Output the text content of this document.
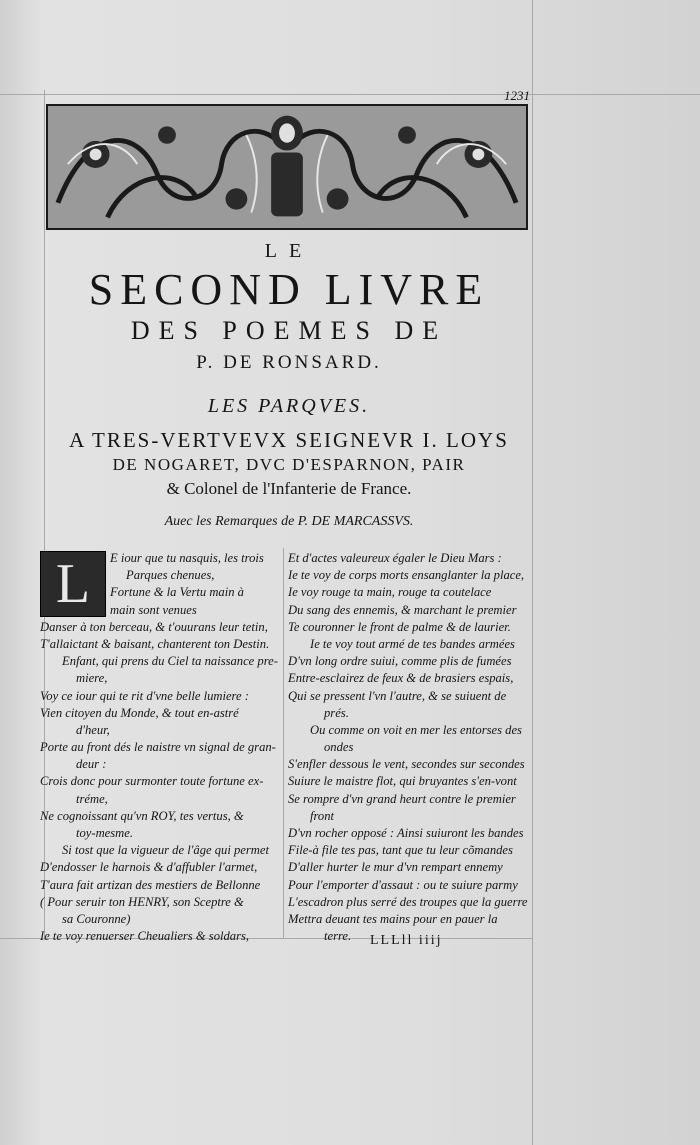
1231
LE
SECOND LIVRE
DES POEMES DE
P. DE RONSARD.
LES PARQVES.
A TRES-VERTVEVX SEIGNEVR I. LOYS
DE NOGARET, DVC D'ESPARNON, PAIR
& Colonel de l'Infanterie de France.
Auec les Remarques de P. DE MARCASSVS.
L	E iour que tu nasquis, les trois
Parques chenues,
Fortune & la Vertu main à
main sont venues
Danser à ton berceau, & t'ouurans leur tetin,
T'allaictant & baisant, chanterent ton Destin.
Enfant, qui prens du Ciel ta naissance pre-
miere,
Voy ce iour qui te rit d'vne belle lumiere :
Vien citoyen du Monde, & tout en-astré
d'heur,
Porte au front dés le naistre vn signal de gran-
deur :
Crois donc pour surmonter toute fortune ex-
tréme,
Ne cognoissant qu'vn ROY, tes vertus, &
toy-mesme.
Si tost que la vigueur de l'âge qui permet
D'endosser le harnois & d'affubler l'armet,
T'aura fait artizan des mestiers de Bellonne
( Pour seruir ton HENRY, son Sceptre &
sa Couronne)
Ie te voy renuerser Cheualiers & soldars,
Et d'actes valeureux égaler le Dieu Mars :
Ie te voy de corps morts ensanglanter la place,
Ie voy rouge ta main, rouge ta coutelace
Du sang des ennemis, & marchant le premier
Te couronner le front de palme & de laurier.
Ie te voy tout armé de tes bandes armées
D'vn long ordre suiui, comme plis de fumées
Entre-esclairez de feux & de brasiers espais,
Qui se pressent l'vn l'autre, & se suiuent de
prés.
Ou comme on voit en mer les entorses des
ondes
S'enfler dessous le vent, secondes sur secondes
Suiure le maistre flot, qui bruyantes s'en-vont
Se rompre d'vn grand heurt contre le premier
front
D'vn rocher opposé : Ainsi suiuront les bandes
File-à file tes pas, tant que tu leur cõmandes
D'aller hurter le mur d'vn rempart ennemy
Pour l'emporter d'assaut : ou te suiure parmy
L'escadron plus serré des troupes que la guerre
Mettra deuant tes mains pour en pauer la
terre.	LLLll iiij
